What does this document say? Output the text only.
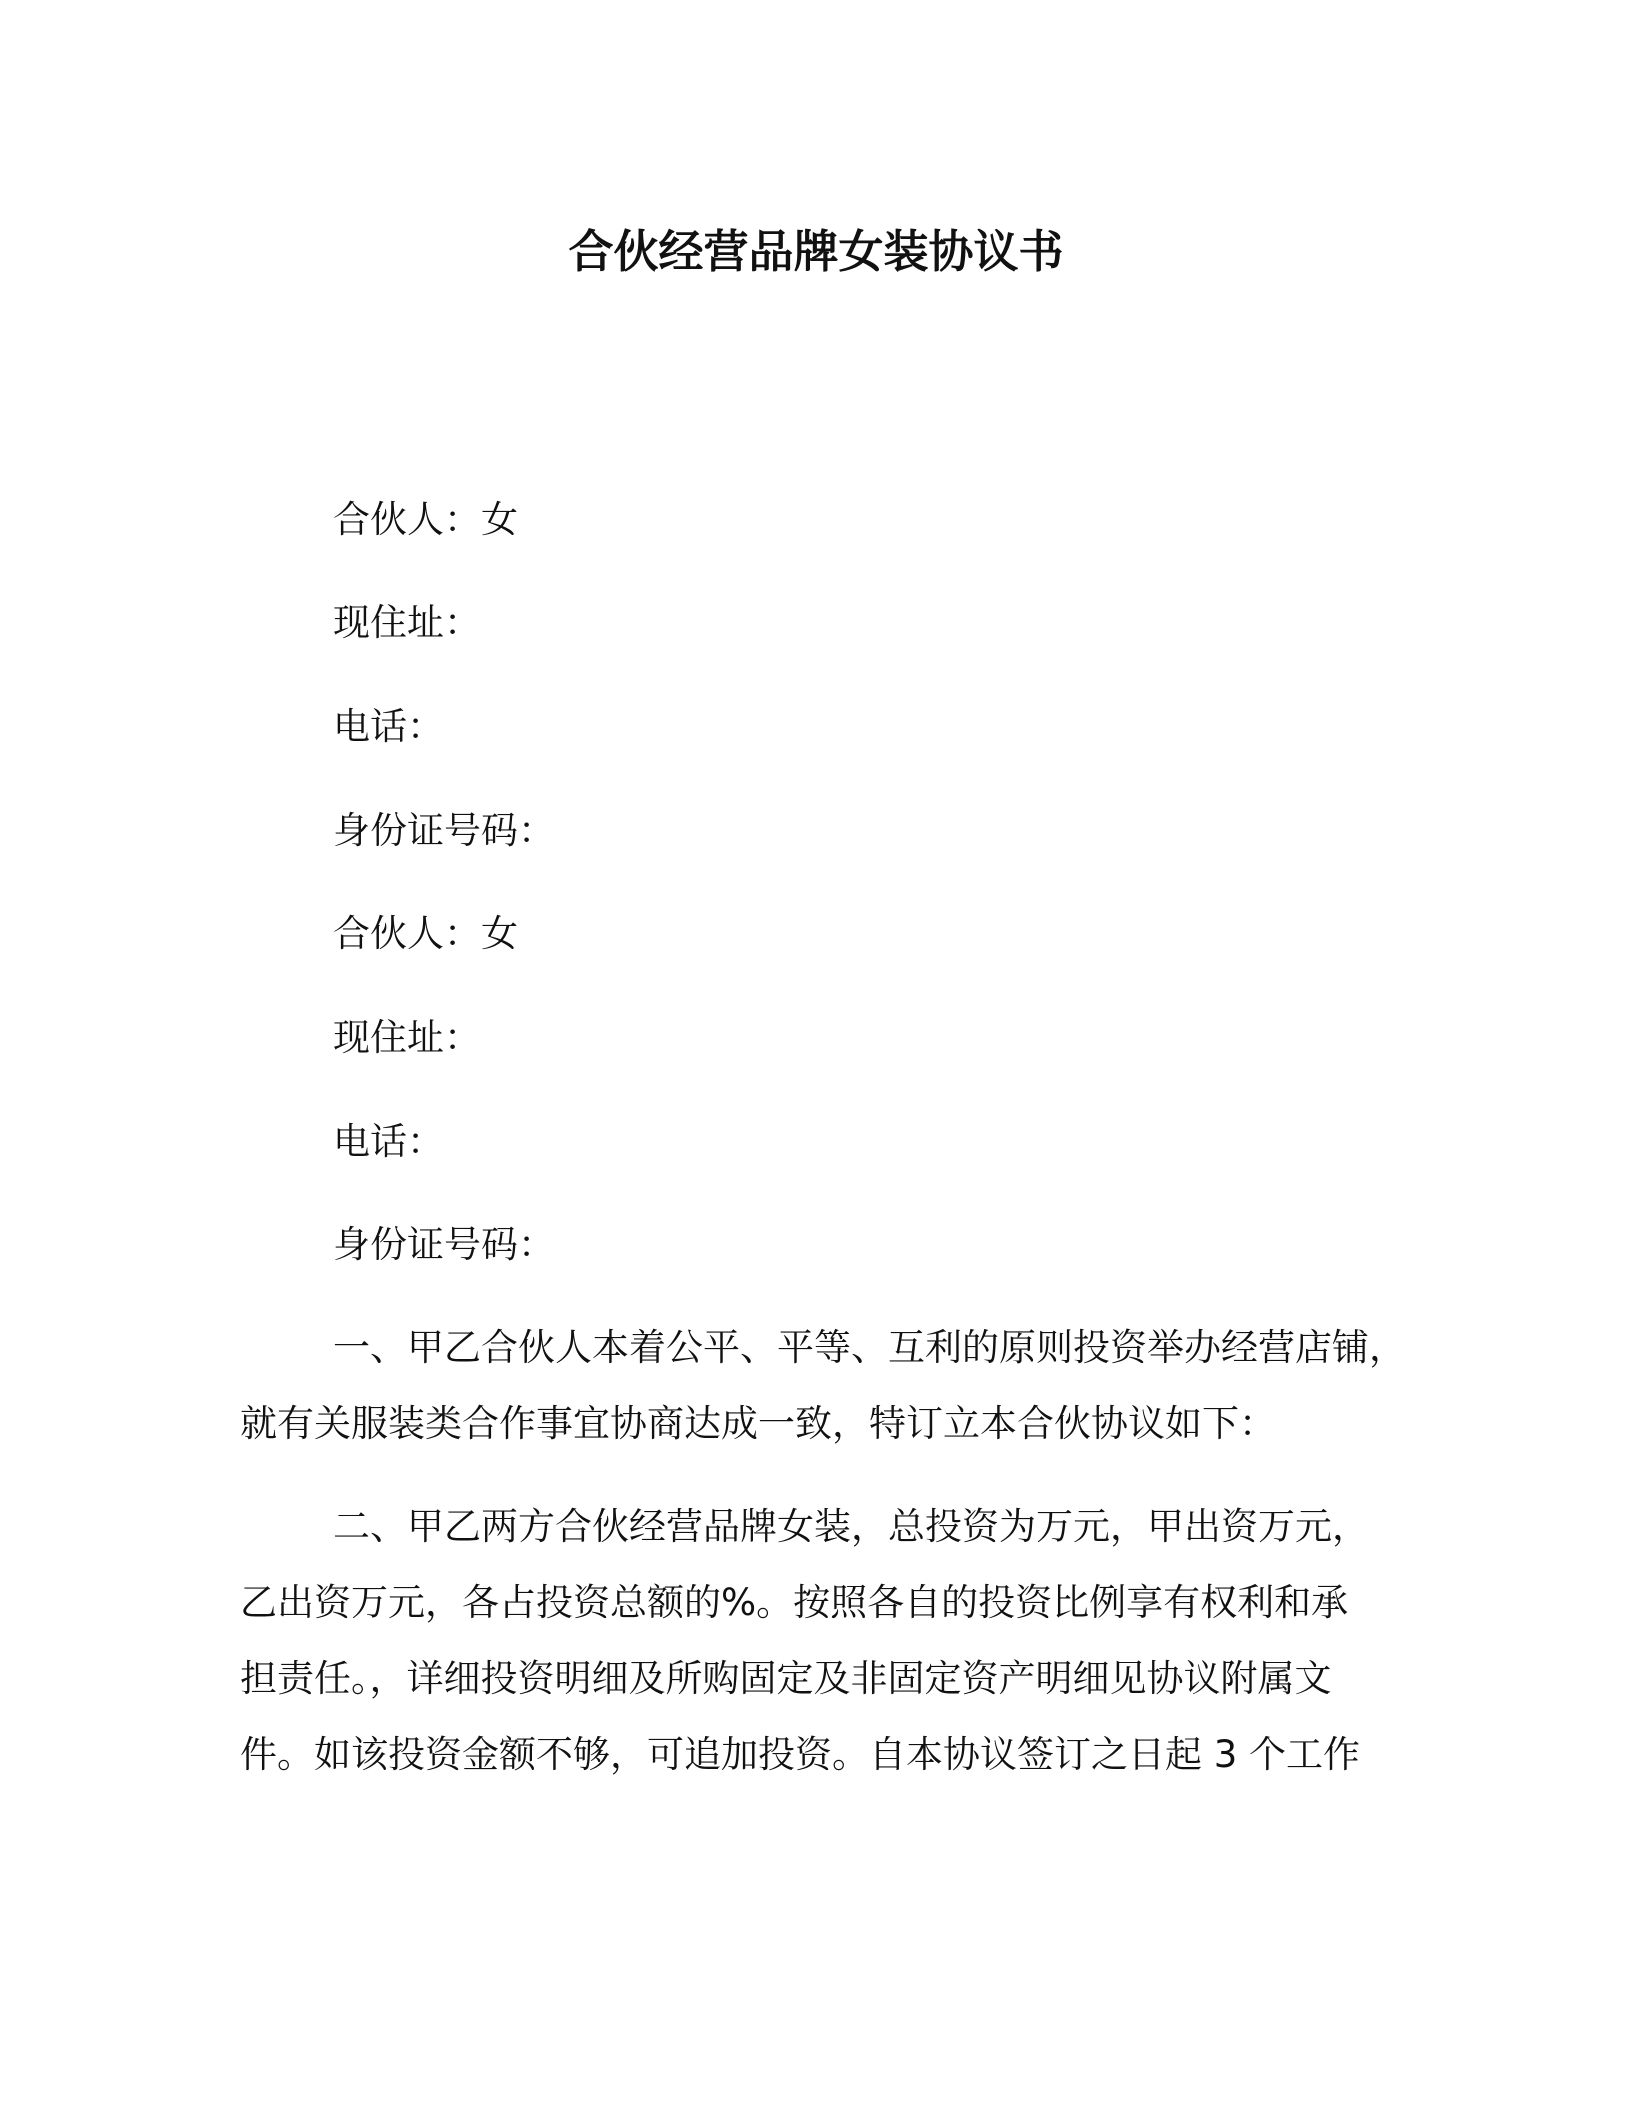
合伙经营品牌女装协议书
合伙人：女
现住址：
电话：
身份证号码：
合伙人：女
现住址：
电话：
身份证号码：

一、甲乙合伙人本着公平、平等、互利的原则投资举办经营店铺，

就有关服装类合作事宜协商达成一致，特订立本合伙协议如下：

二、甲乙两方合伙经营品牌女装，总投资为万元，甲出资万元，

乙出资万元，各占投资总额的%。按照各自的投资比例享有权利和承

担责任。，详细投资明细及所购固定及非固定资产明细见协议附属文

件。如该投资金额不够，可追加投资。自本协议签订之日起 3 个工作
